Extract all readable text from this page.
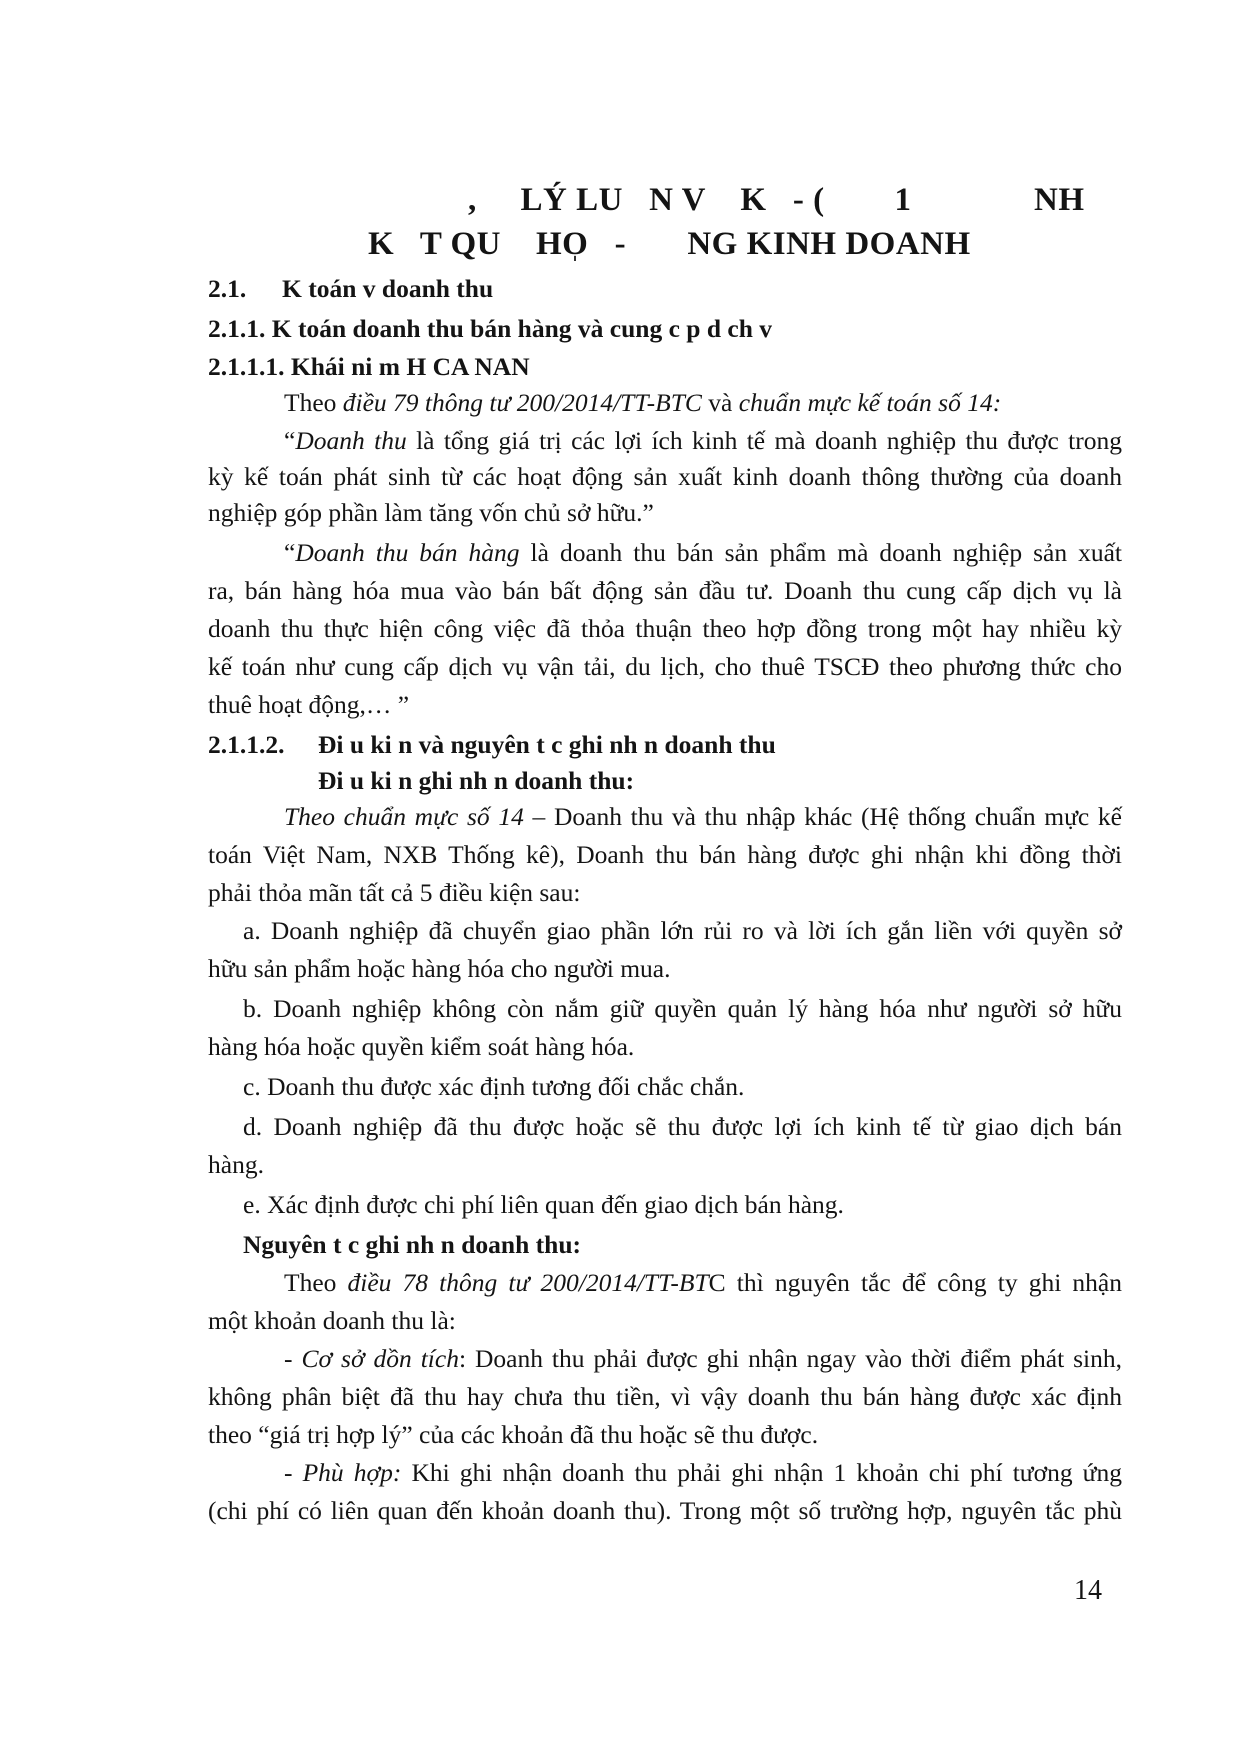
,     LÝ LU   N V    K   - (        1              NH
K   T QU    HO̩   -       NG KINH DOANH
2.1. K toán v doanh thu
2.1.1. K toán doanh thu bán hàng và cung c p d ch v
2.1.1.1. Khái ni m H CA NAN
Theo điều 79 thông tư 200/2014/TT-BTC và chuẩn mực kế toán số 14:
“Doanh thu là tổng giá trị các lợi ích kinh tế mà doanh nghiệp thu được trong
kỳ kế toán phát sinh từ các hoạt động sản xuất kinh doanh thông thường của doanh
nghiệp góp phần làm tăng vốn chủ sở hữu.”
“Doanh thu bán hàng là doanh thu bán sản phẩm mà doanh nghiệp sản xuất
ra, bán hàng hóa mua vào bán bất động sản đầu tư. Doanh thu cung cấp dịch vụ là
doanh thu thực hiện công việc đã thỏa thuận theo hợp đồng trong một hay nhiều kỳ
kế toán như cung cấp dịch vụ vận tải, du lịch, cho thuê TSCĐ theo phương thức cho
thuê hoạt động,… ”
2.1.1.2. Đi u ki n và nguyên t c ghi nh n doanh thu
Đi u ki n ghi nh n doanh thu:
Theo chuẩn mực số 14 – Doanh thu và thu nhập khác (Hệ thống chuẩn mực kế
toán Việt Nam, NXB Thống kê), Doanh thu bán hàng được ghi nhận khi đồng thời
phải thỏa mãn tất cả 5 điều kiện sau:
a. Doanh nghiệp đã chuyển giao phần lớn rủi ro và lời ích gắn liền với quyền sở
hữu sản phẩm hoặc hàng hóa cho người mua.
b. Doanh nghiệp không còn nắm giữ quyền quản lý hàng hóa như người sở hữu
hàng hóa hoặc quyền kiểm soát hàng hóa.
c. Doanh thu được xác định tương đối chắc chắn.
d. Doanh nghiệp đã thu được hoặc sẽ thu được lợi ích kinh tế từ giao dịch bán
hàng.
e. Xác định được chi phí liên quan đến giao dịch bán hàng.
Nguyên t c ghi nh n doanh thu:
Theo điều 78 thông tư 200/2014/TT-BTC thì nguyên tắc để công ty ghi nhận
một khoản doanh thu là:
- Cơ sở dồn tích: Doanh thu phải được ghi nhận ngay vào thời điểm phát sinh,
không phân biệt đã thu hay chưa thu tiền, vì vậy doanh thu bán hàng được xác định
theo “giá trị hợp lý” của các khoản đã thu hoặc sẽ thu được.
- Phù hợp: Khi ghi nhận doanh thu phải ghi nhận 1 khoản chi phí tương ứng
(chi phí có liên quan đến khoản doanh thu). Trong một số trường hợp, nguyên tắc phù
14
